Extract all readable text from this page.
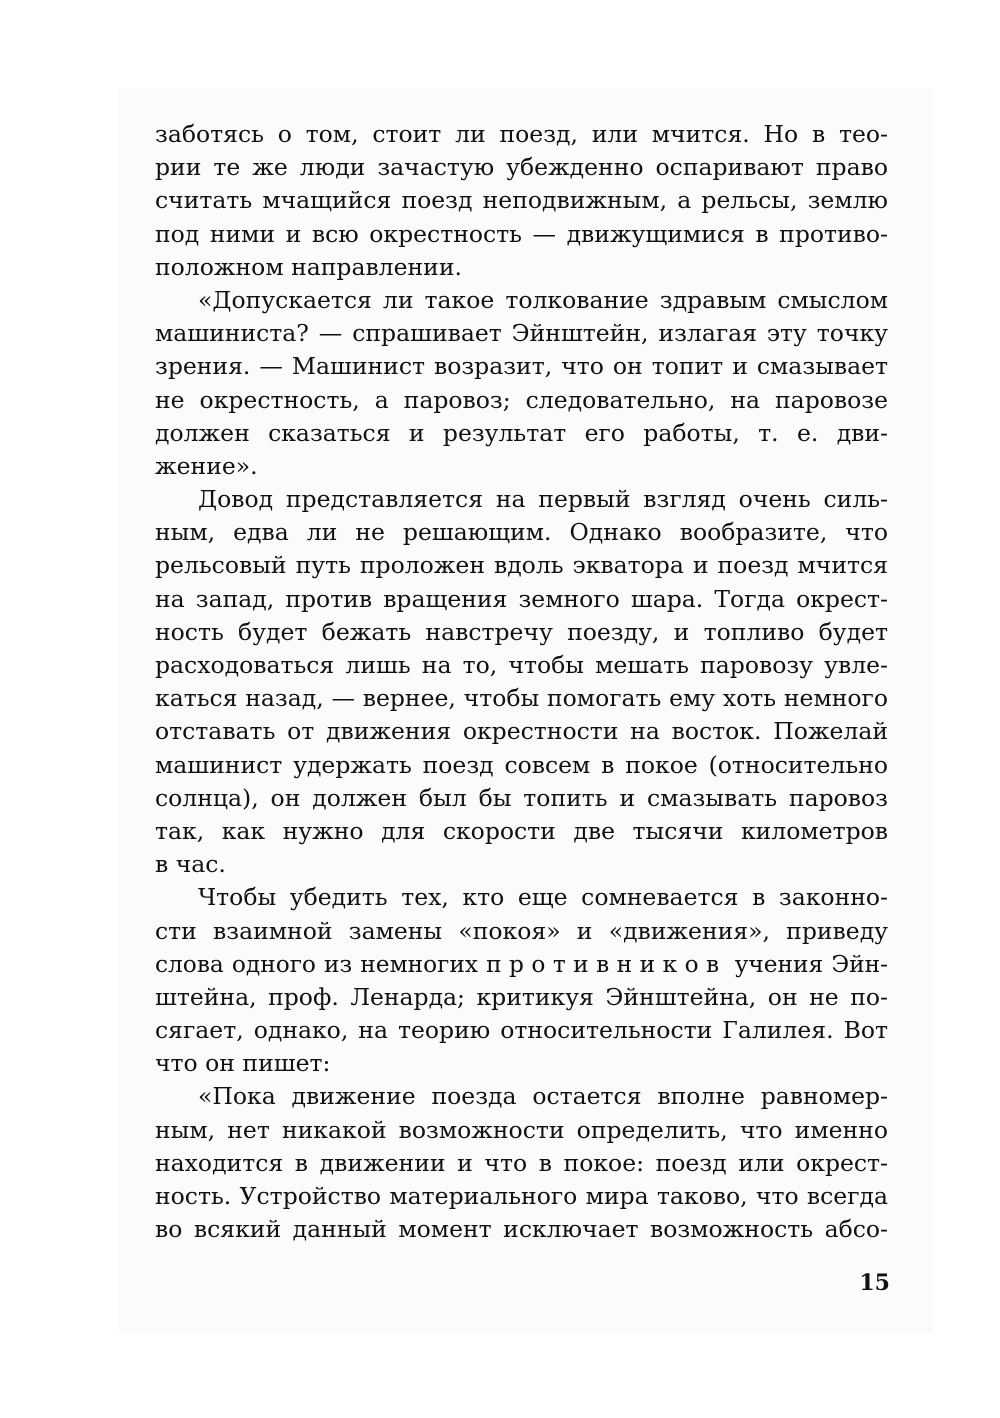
заботясь о том, стоит ли поезд, или мчится. Но в тео-
рии те же люди зачастую убежденно оспаривают право
считать мчащийся поезд неподвижным, а рельсы, землю
под ними и всю окрестность — движущимися в противо-
положном направлении.
«Допускается ли такое толкование здравым смыслом
машиниста? — спрашивает Эйнштейн, излагая эту точку
зрения. — Машинист возразит, что он топит и смазывает
не окрестность, а паровоз; следовательно, на паровозе
должен сказаться и результат его работы, т. е. дви-
жение».
Довод представляется на первый взгляд очень силь-
ным, едва ли не решающим. Однако вообразите, что
рельсовый путь проложен вдоль экватора и поезд мчится
на запад, против вращения земного шара. Тогда окрест-
ность будет бежать навстречу поезду, и топливо будет
расходоваться лишь на то, чтобы мешать паровозу увле-
каться назад, — вернее, чтобы помогать ему хоть немного
отставать от движения окрестности на восток. Пожелай
машинист удержать поезд совсем в покое (относительно
солнца), он должен был бы топить и смазывать паровоз
так, как нужно для скорости две тысячи километров
в час.
Чтобы убедить тех, кто еще сомневается в законно-
сти взаимной замены «покоя» и «движения», приведу
слова одного из немногих противников учения Эйн-
штейна, проф. Ленарда; критикуя Эйнштейна, он не по-
сягает, однако, на теорию относительности Галилея. Вот
что он пишет:
«Пока движение поезда остается вполне равномер-
ным, нет никакой возможности определить, что именно
находится в движении и что в покое: поезд или окрест-
ность. Устройство материального мира таково, что всегда
во всякий данный момент исключает возможность абсо-
15
